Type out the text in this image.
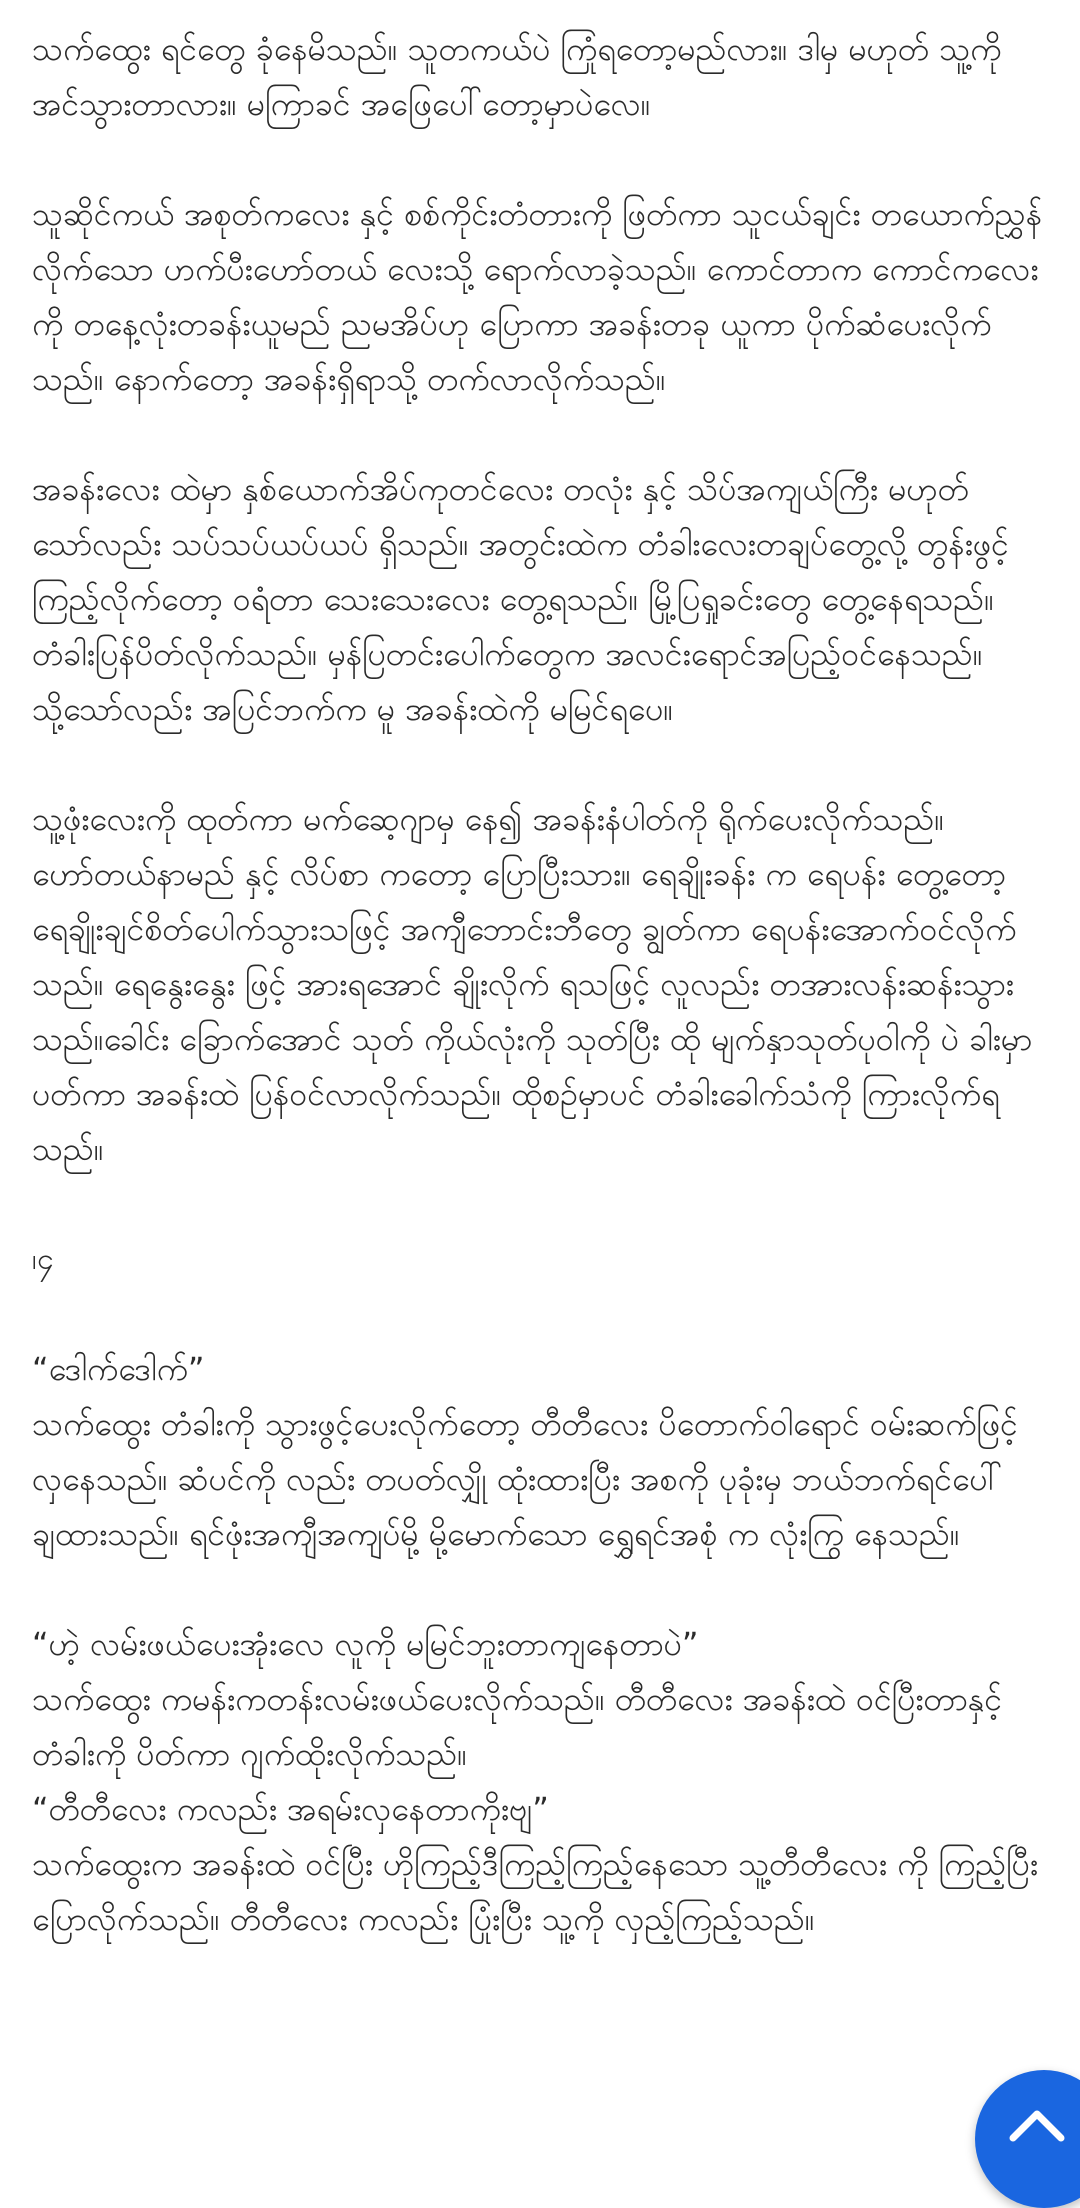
သက်ထွေး ရင်တွေ ခုံနေမိသည်။ သူတကယ်ပဲ ကြုံရတော့မည်လား။ ဒါမှ မဟုတ် သူ့ကို အင်သွားတာလား။ မကြာခင် အဖြေပေါ်တော့မှာပဲလေ။

သူဆိုင်ကယ် အစုတ်ကလေး နှင့် စစ်ကိုင်းတံတားကို ဖြတ်ကာ သူငယ်ချင်း တယောက်ညွှန်လိုက်သော ဟက်ပီးဟော်တယ် လေးသို့ ရောက်လာခဲ့သည်။ ကောင်တာက ကောင်ကလေးကို တနေ့လုံးတခန်းယူမည် ညမအိပ်ဟု ပြောကာ အခန်းတခု ယူကာ ပိုက်ဆံပေးလိုက်သည်။ နောက်တော့ အခန်းရှိရာသို့ တက်လာလိုက်သည်။

အခန်းလေး ထဲမှာ နှစ်ယောက်အိပ်ကုတင်လေး တလုံး နှင့် သိပ်အကျယ်ကြီး မဟုတ်သော်လည်း သပ်သပ်ယပ်ယပ် ရှိသည်။ အတွင်းထဲက တံခါးလေးတချပ်တွေ့လို့ တွန်းဖွင့်ကြည့်လိုက်တော့ ဝရံတာ သေးသေးလေး တွေ့ရသည်။ မြို့ပြရှုခင်းတွေ တွေ့နေရသည်။ တံခါးပြန်ပိတ်လိုက်သည်။ မှန်ပြတင်းပေါက်တွေက အလင်းရောင်အပြည့်ဝင်နေသည်။ သို့သော်လည်း အပြင်ဘက်က မူ အခန်းထဲကို မမြင်ရပေ။

သူ့ဖုံးလေးကို ထုတ်ကာ မက်ဆေ့ဂျာမှ နေ၍ အခန်းနံပါတ်ကို ရိုက်ပေးလိုက်သည်။ ဟော်တယ်နာမည် နှင့် လိပ်စာ ကတော့ ပြောပြီးသား။ ရေချိုးခန်း က ရေပန်း တွေ့တော့ ရေချိုးချင်စိတ်ပေါက်သွားသဖြင့် အကျီဘောင်းဘီတွေ ချွတ်ကာ ရေပန်းအောက်ဝင်လိုက်သည်။ ရေနွေးနွေး ဖြင့် အားရအောင် ချိုးလိုက် ရသဖြင့် လူလည်း တအားလန်းဆန်းသွားသည်။ခေါင်း ခြောက်အောင် သုတ် ကိုယ်လုံးကို သုတ်ပြီး ထို မျက်နှာသုတ်ပုဝါကို ပဲ ခါးမှာ ပတ်ကာ အခန်းထဲ ပြန်ဝင်လာလိုက်သည်။ ထိုစဉ်မှာပင် တံခါးခေါက်သံကို ကြားလိုက်ရသည်။

၊၄

“ဒေါက်ဒေါက်”

သက်ထွေး တံခါးကို သွားဖွင့်ပေးလိုက်တော့ တီတီလေး ပိတောက်ဝါရောင် ဝမ်းဆက်ဖြင့် လှနေသည်။ ဆံပင်ကို လည်း တပတ်လျှို ထုံးထားပြီး အစကို ပုခုံးမှ ဘယ်ဘက်ရင်ပေါ်ချထားသည်။ ရင်ဖုံးအကျီအကျပ်မို့ မို့မောက်သော ရွှေရင်အစုံ က လုံးကြွ နေသည်။

“ဟဲ့ လမ်းဖယ်ပေးအုံးလေ လူကို မမြင်ဘူးတာကျနေတာပဲ”

သက်ထွေး ကမန်းကတန်းလမ်းဖယ်ပေးလိုက်သည်။ တီတီလေး အခန်းထဲ ဝင်ပြီးတာနှင့် တံခါးကို ပိတ်ကာ ဂျက်ထိုးလိုက်သည်။

“တီတီလေး ကလည်း အရမ်းလှနေတာကိုးဗျ”

သက်ထွေးက အခန်းထဲ ဝင်ပြီး ဟိုကြည့်ဒီကြည့်ကြည့်နေသော သူ့တီတီလေး ကို ကြည့်ပြီး ပြောလိုက်သည်။ တီတီလေး ကလည်း ပြုံးပြီး သူ့ကို လှည့်ကြည့်သည်။
